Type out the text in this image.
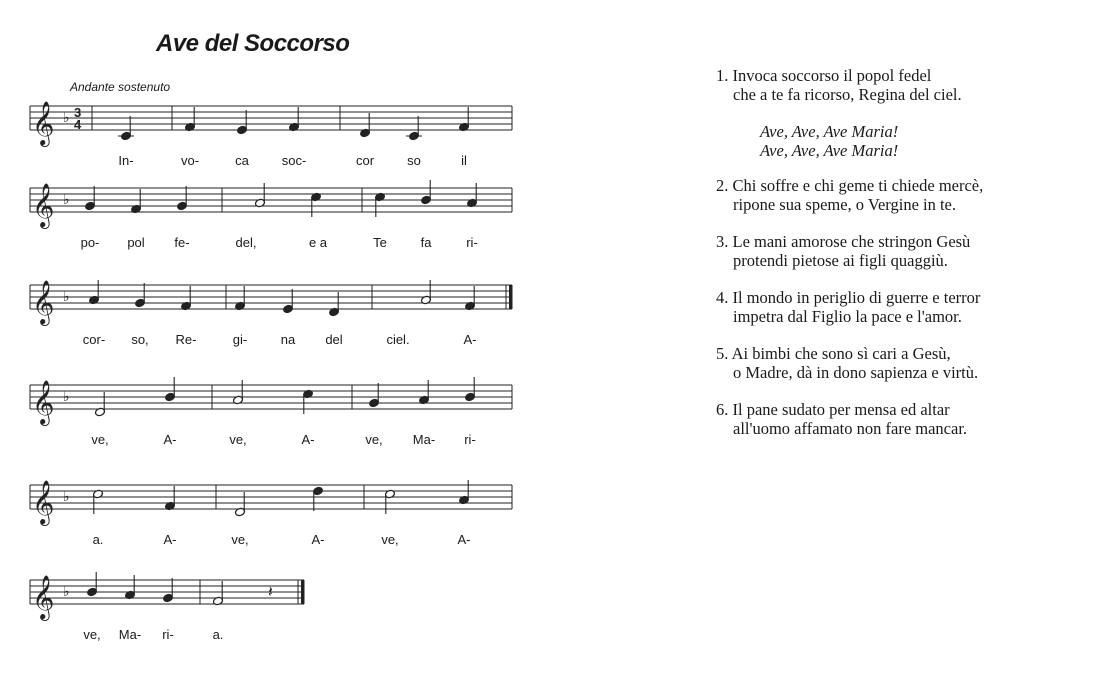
Ave del Soccorso
Andante sostenuto
𝄞 ♭ 3
4
𝄞 ♭
𝄞 ♭
𝄞 ♭
𝄞 ♭
𝄞 ♭	𝄽
In-	vo-	ca	soc-	cor	so	il
po- pol fe-	del,	e a	Te	fa	ri-
cor- so, Re-	gi-	na del	ciel.	A-
ve,	A-	ve,	A-	ve, Ma- ri-
a.	A-	ve,	A-	ve,	A-
ve, Ma- ri-	a.
1. Invoca soccorso il popol fedel
che a te fa ricorso, Regina del ciel.
Ave, Ave, Ave Maria!
Ave, Ave, Ave Maria!
2. Chi soffre e chi geme ti chiede mercè,
ripone sua speme, o Vergine in te.
3. Le mani amorose che stringon Gesù
protendi pietose ai figli quaggiù.
4. Il mondo in periglio di guerre e terror
impetra dal Figlio la pace e l'amor.
5. Ai bimbi che sono sì cari a Gesù,
o Madre, dà in dono sapienza e virtù.
6. Il pane sudato per mensa ed altar
all'uomo affamato non fare mancar.
